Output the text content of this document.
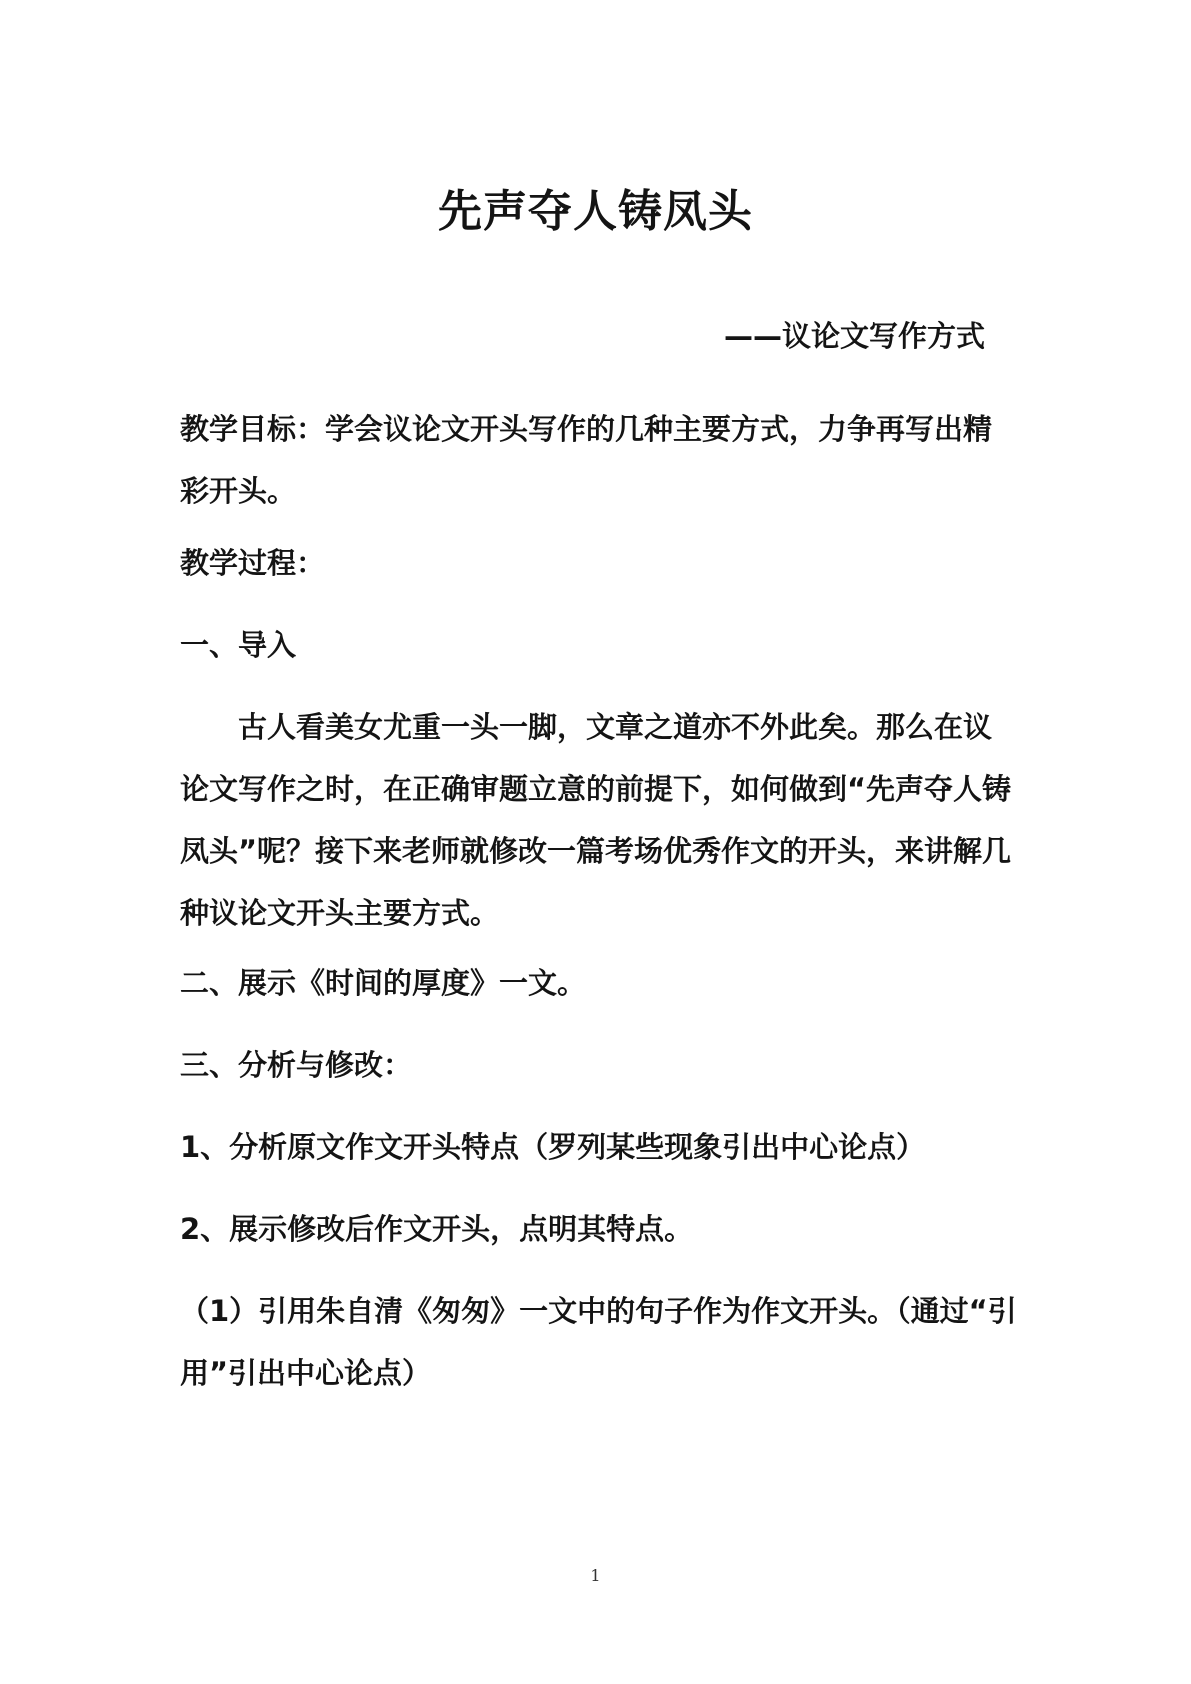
先声夺人铸凤头
——议论文写作方式
教学目标：学会议论文开头写作的几种主要方式，力争再写出精彩开头。
教学过程：
一、导入
古人看美女尤重一头一脚，文章之道亦不外此矣。那么在议论文写作之时，在正确审题立意的前提下，如何做到“先声夺人铸凤头”呢？接下来老师就修改一篇考场优秀作文的开头，来讲解几种议论文开头主要方式。
二、展示《时间的厚度》一文。
三、分析与修改：
1、分析原文作文开头特点（罗列某些现象引出中心论点）
2、展示修改后作文开头，点明其特点。
（1）引用朱自清《匆匆》一文中的句子作为作文开头。（通过“引用”引出中心论点）
1
